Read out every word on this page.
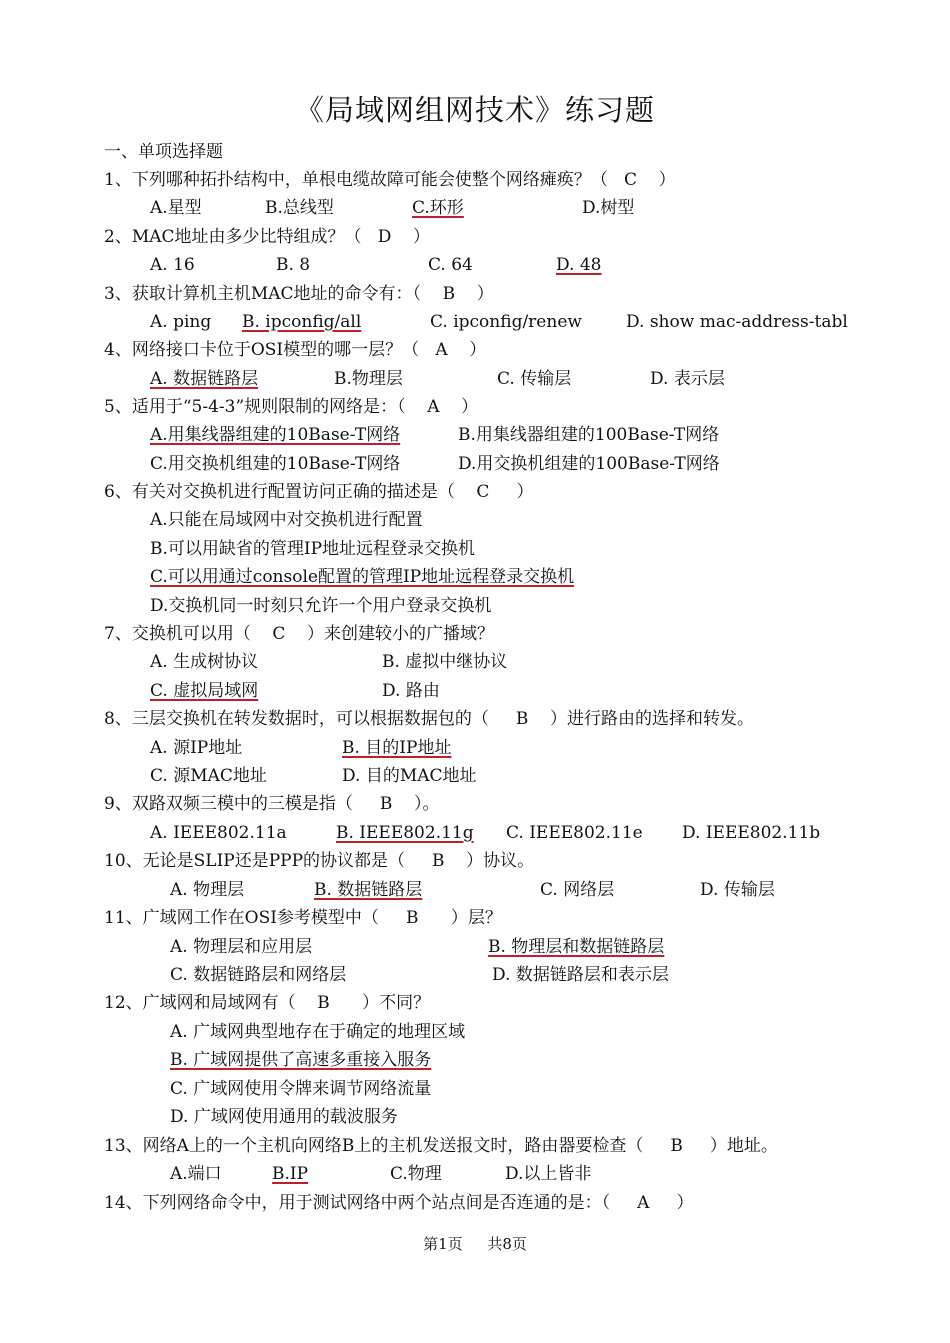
《局域网组网技术》练习题
一、单项选择题
1、下列哪种拓扑结构中，单根电缆故障可能会使整个网络瘫痪？（   C    ）
A.星型	B.总线型	C.环形	D.树型
2、MAC地址由多少比特组成？（   D    ）
A. 16	B. 8	C. 64	D. 48
3、获取计算机主机MAC地址的命令有：（    B    ）
A. ping B. ipconfig/all	C. ipconfig/renew	D. show mac-address-tabl
4、网络接口卡位于OSI模型的哪一层？（   A    ）
A. 数据链路层	B.物理层	C. 传输层	D. 表示层
5、适用于“5-4-3”规则限制的网络是：（    A    ）
A.用集线器组建的10Base-T网络	B.用集线器组建的100Base-T网络
C.用交换机组建的10Base-T网络	D.用交换机组建的100Base-T网络
6、有关对交换机进行配置访问正确的描述是（    C     ）
A.只能在局域网中对交换机进行配置
B.可以用缺省的管理IP地址远程登录交换机
C.可以用通过console配置的管理IP地址远程登录交换机
D.交换机同一时刻只允许一个用户登录交换机
7、交换机可以用（    C    ）来创建较小的广播域？
A. 生成树协议	B. 虚拟中继协议
C. 虚拟局域网	D. 路由
8、三层交换机在转发数据时，可以根据数据包的（     B    ）进行路由的选择和转发。
A. 源IP地址	B. 目的IP地址
C. 源MAC地址	D. 目的MAC地址
9、双路双频三模中的三模是指（     B    ）。
A. IEEE802.11a	B. IEEE802.11g C. IEEE802.11e D. IEEE802.11b
10、无论是SLIP还是PPP的协议都是（     B    ）协议。
A. 物理层	B. 数据链路层	C. 网络层	D. 传输层
11、广域网工作在OSI参考模型中（     B      ）层？
A. 物理层和应用层	B. 物理层和数据链路层
C. 数据链路层和网络层	D. 数据链路层和表示层
12、广域网和局域网有（    B      ）不同？
A. 广域网典型地存在于确定的地理区域
B. 广域网提供了高速多重接入服务
C. 广域网使用令牌来调节网络流量
D. 广域网使用通用的载波服务
13、网络A上的一个主机向网络B上的主机发送报文时，路由器要检查（     B     ）地址。
A.端口	B.IP	C.物理	D.以上皆非
14、下列网络命令中，用于测试网络中两个站点间是否连通的是：（     A     ）
第1页 共8页
